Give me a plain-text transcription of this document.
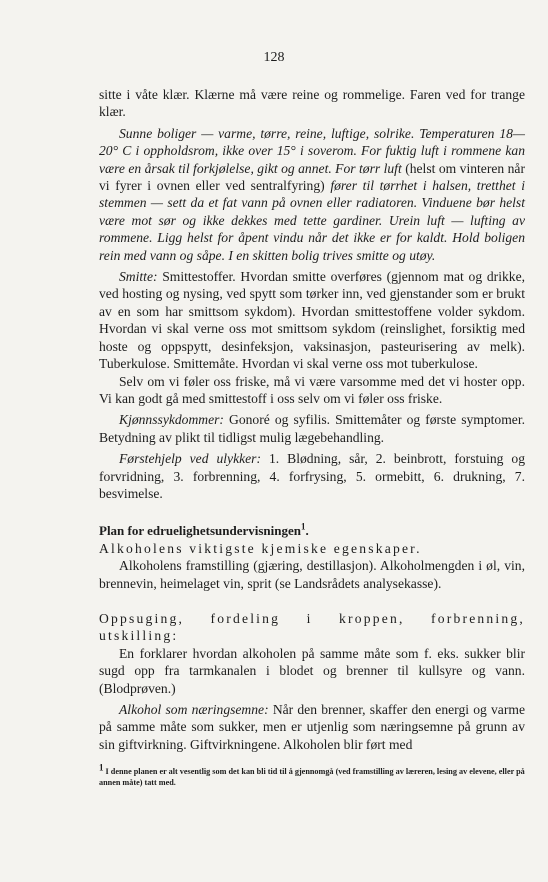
128

sitte i våte klær. Klærne må være reine og rommelige. Faren ved for trange klær.

Sunne boliger — varme, tørre, reine, luftige, solrike. Temperaturen 18—20° C i oppholdsrom, ikke over 15° i soverom. For fuktig luft i rommene kan være en årsak til forkjølelse, gikt og annet. For tørr luft (helst om vinteren når vi fyrer i ovnen eller ved sentralfyring) fører til tørrhet i halsen, tretthet i stemmen — sett da et fat vann på ovnen eller radiatoren. Vinduene bør helst være mot sør og ikke dekkes med tette gardiner. Urein luft — lufting av rommene. Ligg helst for åpent vindu når det ikke er for kaldt. Hold boligen rein med vann og såpe. I en skitten bolig trives smitte og utøy.

Smitte: Smittestoffer. Hvordan smitte overføres (gjennom mat og drikke, ved hosting og nysing, ved spytt som tørker inn, ved gjenstander som er brukt av en som har smittsom sykdom). Hvordan smittestoffene volder sykdom. Hvordan vi skal verne oss mot smittsom sykdom (reinslighet, forsiktig med hoste og oppspytt, desinfeksjon, vaksinasjon, pasteurisering av melk). Tuberkulose. Smittemåte. Hvordan vi skal verne oss mot tuberkulose.

Selv om vi føler oss friske, må vi være varsomme med det vi hoster opp. Vi kan godt gå med smittestoff i oss selv om vi føler oss friske.

Kjønnssykdommer: Gonoré og syfilis. Smittemåter og første symptomer. Betydning av plikt til tidligst mulig lægebehandling.

Førstehjelp ved ulykker: 1. Blødning, sår, 2. beinbrott, forstuing og forvridning, 3. forbrenning, 4. forfrysing, 5. ormebitt, 6. drukning, 7. besvimelse.

Plan for edruelighetsundervisningen$^1$.

Alkoholens viktigste kjemiske egenskaper.

Alkoholens framstilling (gjæring, destillasjon). Alkoholmengden i øl, vin, brennevin, heimelaget vin, sprit (se Landsrådets analysekasse).

Oppsuging, fordeling i kroppen, forbrenning, utskilling:

En forklarer hvordan alkoholen på samme måte som f. eks. sukker blir sugd opp fra tarmkanalen i blodet og brenner til kullsyre og vann. (Blodprøven.)

Alkohol som næringsemne: Når den brenner, skaffer den energi og varme på samme måte som sukker, men er utjenlig som næringsemne på grunn av sin giftvirkning. Giftvirkningene. Alkoholen blir ført med

$^1$ I denne planen er alt vesentlig som det kan bli tid til å gjennomgå (ved framstilling av læreren, lesing av elevene, eller på annen måte) tatt med.
